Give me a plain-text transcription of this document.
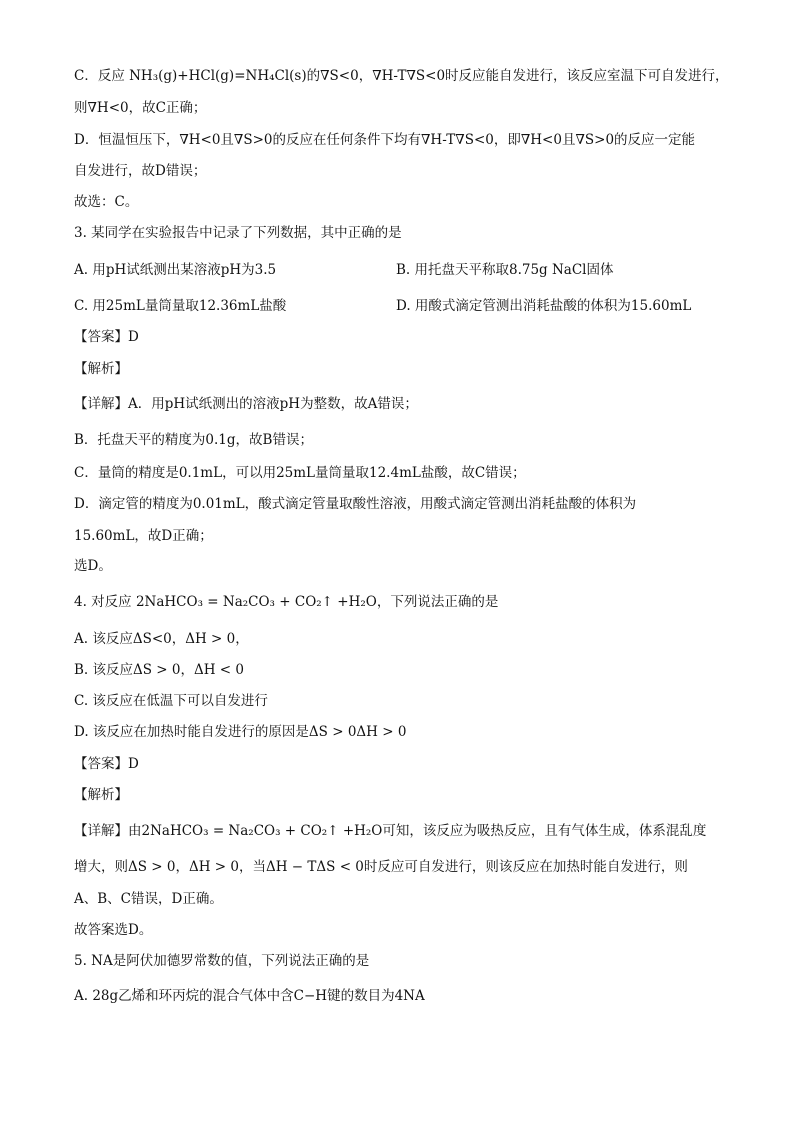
C．反应 NH₃(g)+HCl(g)=NH₄Cl(s)的∇S<0，∇H-T∇S<0时反应能自发进行，该反应室温下可自发进行，
则∇H<0，故C正确；
D．恒温恒压下，∇H<0且∇S>0的反应在任何条件下均有∇H-T∇S<0，即∇H<0且∇S>0的反应一定能
自发进行，故D错误；
故选：C。
3. 某同学在实验报告中记录了下列数据，其中正确的是
A. 用pH试纸测出某溶液pH为3.5	B. 用托盘天平称取8.75g NaCl固体
C. 用25mL量筒量取12.36mL盐酸	D. 用酸式滴定管测出消耗盐酸的体积为15.60mL
【答案】D
【解析】
【详解】A．用pH试纸测出的溶液pH为整数，故A错误；
B．托盘天平的精度为0.1g，故B错误；
C．量筒的精度是0.1mL，可以用25mL量筒量取12.4mL盐酸，故C错误；
D．滴定管的精度为0.01mL，酸式滴定管量取酸性溶液，用酸式滴定管测出消耗盐酸的体积为
15.60mL，故D正确；
选D。
4. 对反应 2NaHCO₃ = Na₂CO₃ + CO₂↑ +H₂O，下列说法正确的是
A. 该反应ΔS<0，ΔH > 0，
B. 该反应ΔS > 0，ΔH < 0
C. 该反应在低温下可以自发进行
D. 该反应在加热时能自发进行的原因是ΔS > 0ΔH > 0
【答案】D
【解析】
【详解】由2NaHCO₃ = Na₂CO₃ + CO₂↑ +H₂O可知，该反应为吸热反应，且有气体生成，体系混乱度
增大，则ΔS > 0，ΔH > 0，当ΔH − TΔS < 0时反应可自发进行，则该反应在加热时能自发进行，则
A、B、C错误，D正确。
故答案选D。
5. NA是阿伏加德罗常数的值，下列说法正确的是
A. 28g乙烯和环丙烷的混合气体中含C−H键的数目为4NA
